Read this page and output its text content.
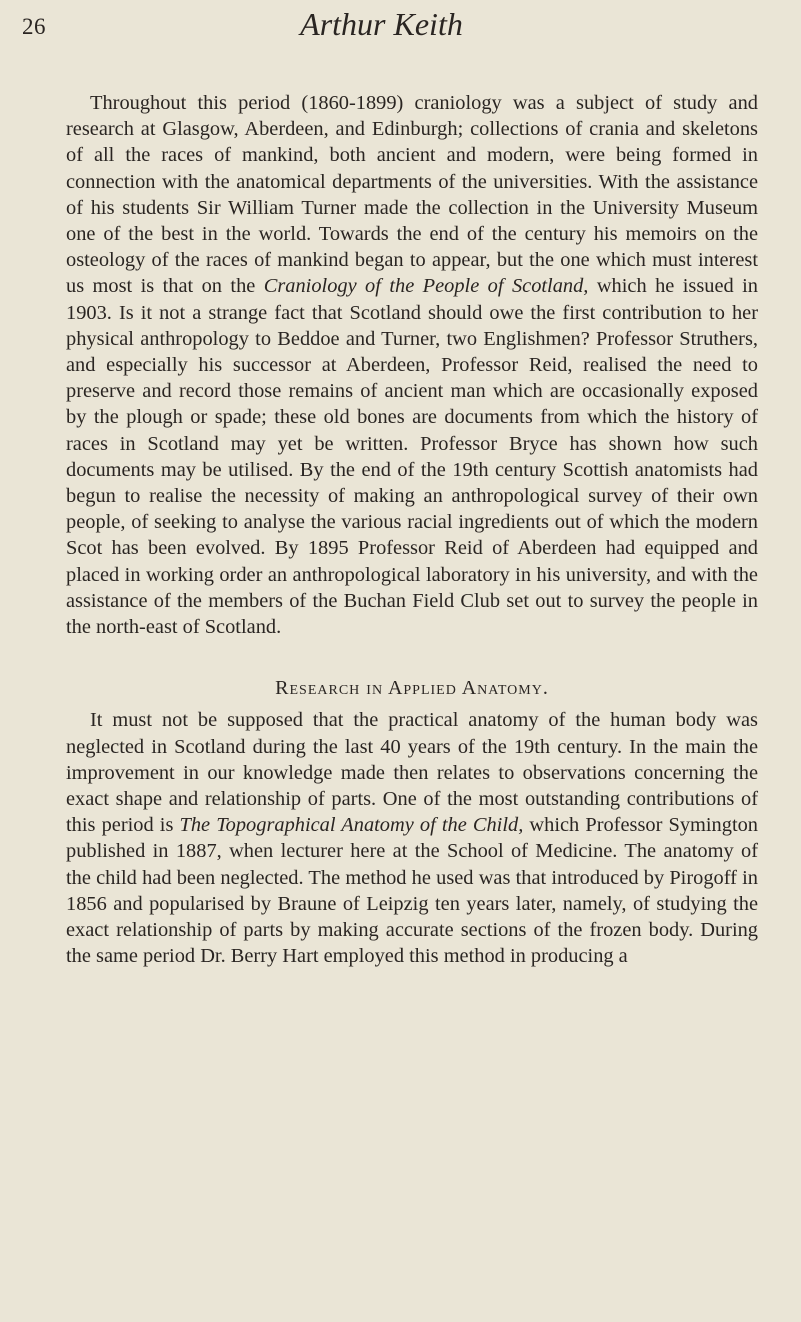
26	Arthur Keith

Throughout this period (1860-1899) craniology was a subject of study and research at Glasgow, Aberdeen, and Edinburgh; collections of crania and skeletons of all the races of mankind, both ancient and modern, were being formed in connection with the anatomical departments of the universities. With the assistance of his students Sir William Turner made the collection in the University Museum one of the best in the world. Towards the end of the century his memoirs on the osteology of the races of mankind began to appear, but the one which must interest us most is that on the Craniology of the People of Scotland, which he issued in 1903. Is it not a strange fact that Scotland should owe the first contribution to her physical anthropology to Beddoe and Turner, two Englishmen? Professor Struthers, and especially his successor at Aberdeen, Professor Reid, realised the need to preserve and record those remains of ancient man which are occasionally exposed by the plough or spade; these old bones are documents from which the history of races in Scotland may yet be written. Professor Bryce has shown how such documents may be utilised. By the end of the 19th century Scottish anatomists had begun to realise the necessity of making an anthropological survey of their own people, of seeking to analyse the various racial ingredients out of which the modern Scot has been evolved. By 1895 Professor Reid of Aberdeen had equipped and placed in working order an anthropological laboratory in his university, and with the assistance of the members of the Buchan Field Club set out to survey the people in the north-east of Scotland.

Research in Applied Anatomy.

It must not be supposed that the practical anatomy of the human body was neglected in Scotland during the last 40 years of the 19th century. In the main the improvement in our knowledge made then relates to observations concerning the exact shape and relationship of parts. One of the most outstanding contributions of this period is The Topographical Anatomy of the Child, which Professor Symington published in 1887, when lecturer here at the School of Medicine. The anatomy of the child had been neglected. The method he used was that introduced by Pirogoff in 1856 and popularised by Braune of Leipzig ten years later, namely, of studying the exact relationship of parts by making accurate sections of the frozen body. During the same period Dr. Berry Hart employed this method in producing a
